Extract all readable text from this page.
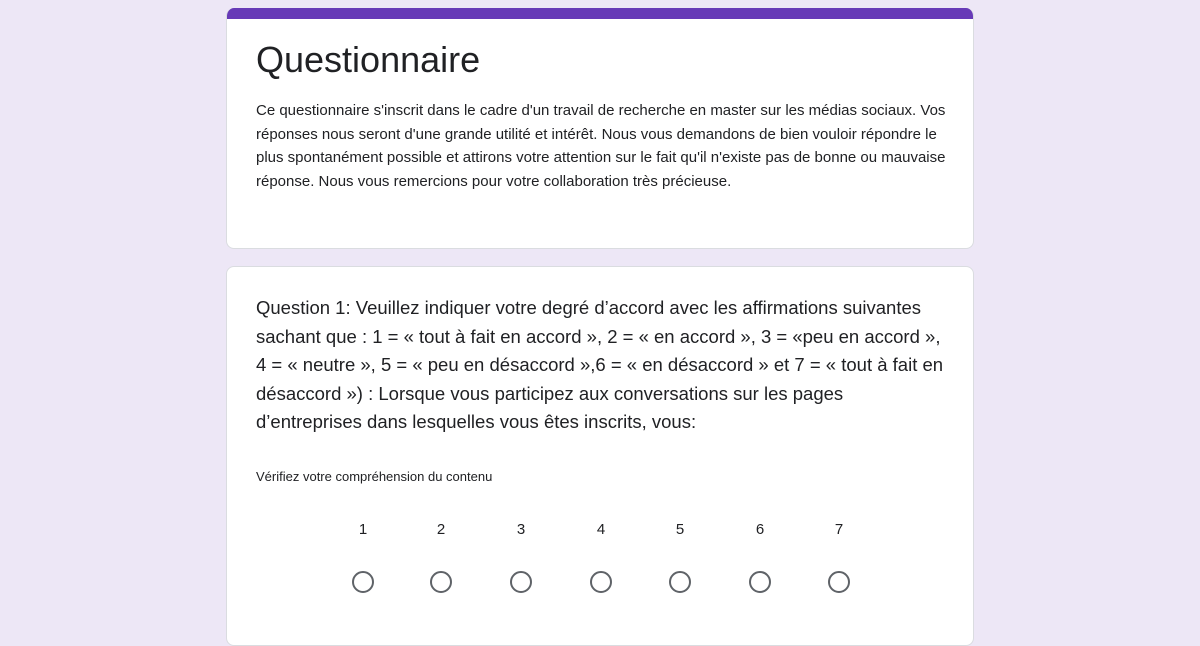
Questionnaire

Ce questionnaire s'inscrit dans le cadre d'un travail de recherche en master sur les médias sociaux. Vos réponses nous seront d'une grande utilité et intérêt. Nous vous demandons de bien vouloir répondre le plus spontanément possible et attirons votre attention sur le fait qu'il n'existe pas de bonne ou mauvaise réponse. Nous vous remercions pour votre collaboration très précieuse.

Question 1: Veuillez indiquer votre degré d’accord avec les affirmations suivantes sachant que : 1 = « tout à fait en accord », 2 = « en accord », 3 = «peu en accord », 4 = « neutre », 5 = « peu en désaccord »,6 = « en désaccord » et 7 = « tout à fait en désaccord ») : Lorsque vous participez aux conversations sur les pages d’entreprises dans lesquelles vous êtes inscrits, vous:

Vérifiez votre compréhension du contenu
1	2	3	4	5	6	7
